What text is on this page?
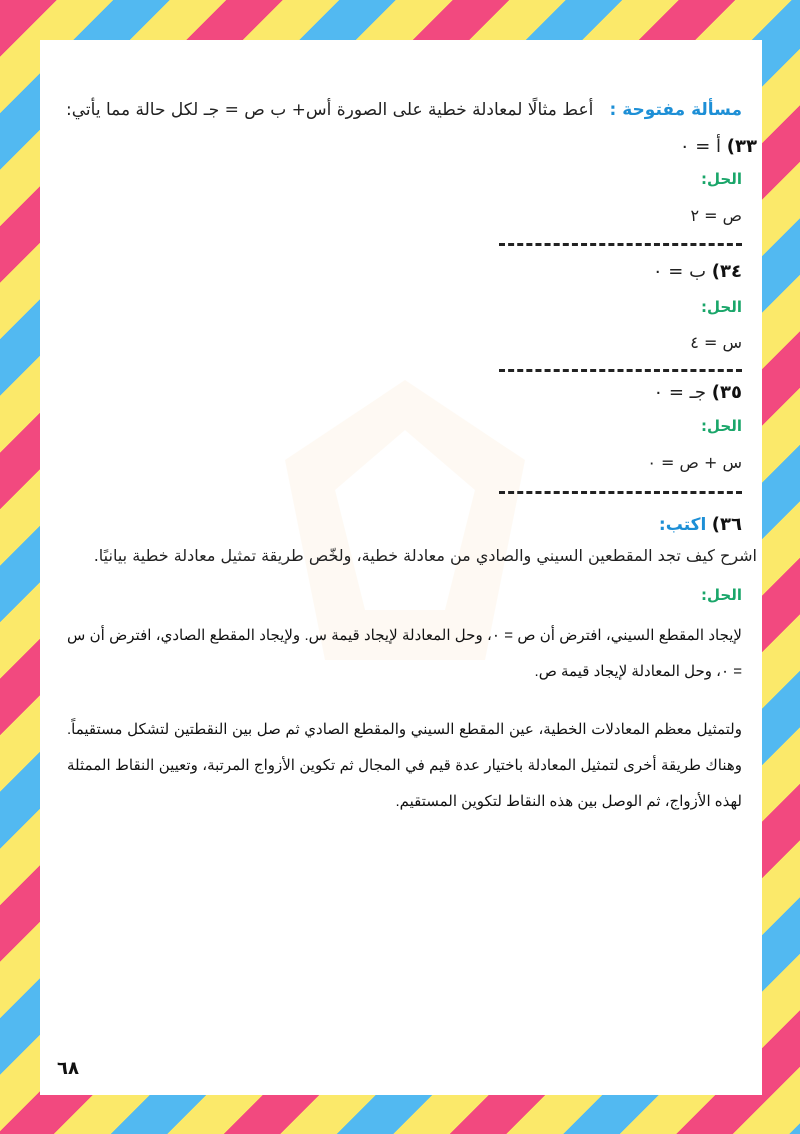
مسألة مفتوحة :   أعط مثالًا لمعادلة خطية على الصورة أس+ ب ص = جـ لكل حالة مما يأتي:
٣٣) أ = ٠
الحل:
ص = ٢
٣٤) ب = ٠
الحل:
س = ٤
٣٥) جـ = ٠
الحل:
س + ص = ٠
٣٦) اكتب:
اشرح كيف تجد المقطعين السيني والصادي من معادلة خطية، ولخّص طريقة تمثيل معادلة خطية بيانيًا.
الحل:
لإيجاد المقطع السيني، افترض أن ص = ٠، وحل المعادلة لإيجاد قيمة س. ولإيجاد المقطع الصادي، افترض أن س = ٠، وحل المعادلة لإيجاد قيمة ص.
ولتمثيل معظم المعادلات الخطية، عين المقطع السيني والمقطع الصادي ثم صل بين النقطتين لتشكل مستقيماً. وهناك طريقة أخرى لتمثيل المعادلة باختيار عدة قيم في المجال ثم تكوين الأزواج المرتبة، وتعيين النقاط الممثلة لهذه الأزواج، ثم الوصل بين هذه النقاط لتكوين المستقيم.
٦٨
